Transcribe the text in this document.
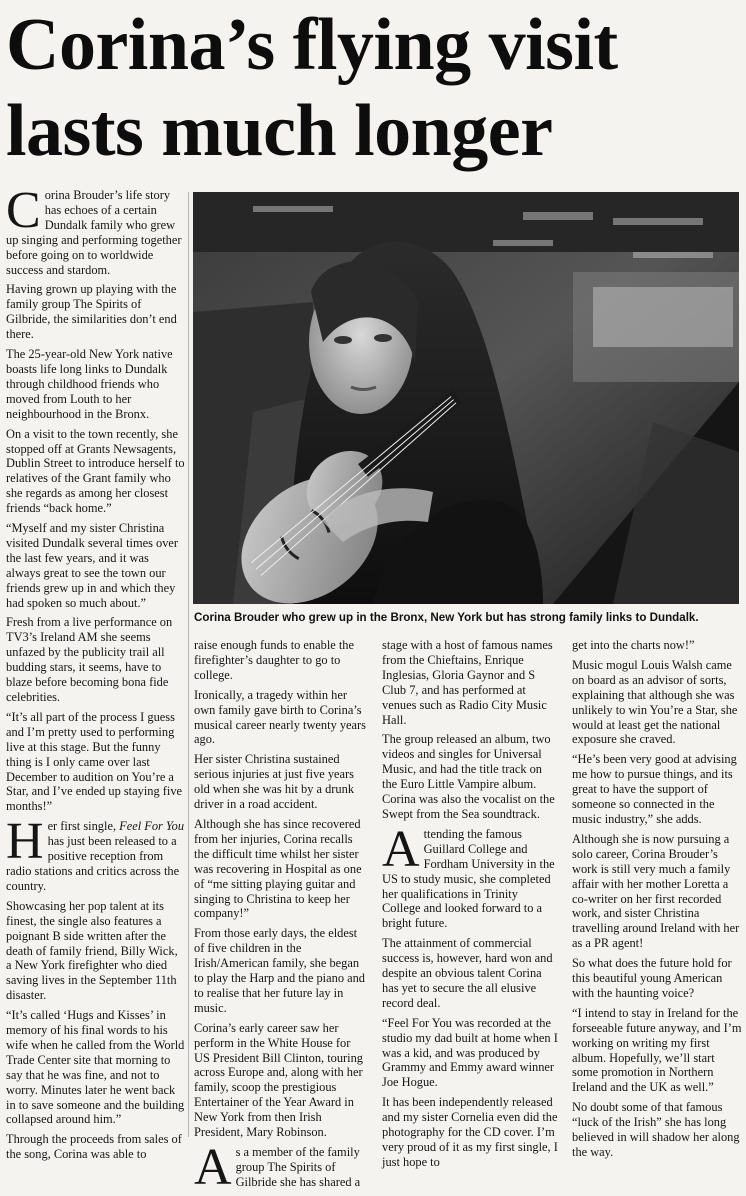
Corina’s flying visit
lasts much longer

Corina Brouder’s life story has echoes of a certain Dundalk family who grew up singing and performing together before going on to worldwide success and stardom.

Having grown up playing with the family group The Spirits of Gilbride, the similarities don’t end there.

The 25-year-old New York native boasts life long links to Dundalk through childhood friends who moved from Louth to her neighbourhood in the Bronx.

On a visit to the town recently, she stopped off at Grants Newsagents, Dublin Street to introduce herself to relatives of the Grant family who she regards as among her closest friends “back home.”

“Myself and my sister Christina visited Dundalk several times over the last few years, and it was always great to see the town our friends grew up in and which they had spoken so much about.”

Fresh from a live performance on TV3’s Ireland AM she seems unfazed by the publicity trail all budding stars, it seems, have to blaze before becoming bona fide celebrities.

“It’s all part of the process I guess and I’m pretty used to performing live at this stage. But the funny thing is I only came over last December to audition on You’re a Star, and I’ve ended up staying five months!”

Her first single, Feel For You has just been released to a positive reception from radio stations and critics across the country.

Showcasing her pop talent at its finest, the single also features a poignant B side written after the death of family friend, Billy Wick, a New York firefighter who died saving lives in the September 11th disaster.

“It’s called ‘Hugs and Kisses’ in memory of his final words to his wife when he called from the World Trade Center site that morning to say that he was fine, and not to worry. Minutes later he went back in to save someone and the building collapsed around him.”

Through the proceeds from sales of the song, Corina was able to

Corina Brouder who grew up in the Bronx, New York but has strong family links to Dundalk.

raise enough funds to enable the firefighter’s daughter to go to college.

Ironically, a tragedy within her own family gave birth to Corina’s musical career nearly twenty years ago.

Her sister Christina sustained serious injuries at just five years old when she was hit by a drunk driver in a road accident.

Although she has since recovered from her injuries, Corina recalls the difficult time whilst her sister was recovering in Hospital as one of “me sitting playing guitar and singing to Christina to keep her company!”

From those early days, the eldest of five children in the Irish/American family, she began to play the Harp and the piano and to realise that her future lay in music.

Corina’s early career saw her perform in the White House for US President Bill Clinton, touring across Europe and, along with her family, scoop the prestigious Entertainer of the Year Award in New York from then Irish President, Mary Robinson.

As a member of the family group The Spirits of Gilbride she has shared a

stage with a host of famous names from the Chieftains, Enrique Inglesias, Gloria Gaynor and S Club 7, and has performed at venues such as Radio City Music Hall.

The group released an album, two videos and singles for Universal Music, and had the title track on the Euro Little Vampire album. Corina was also the vocalist on the Swept from the Sea soundtrack.

Attending the famous Guillard College and Fordham University in the US to study music, she completed her qualifications in Trinity College and looked forward to a bright future.

The attainment of commercial success is, however, hard won and despite an obvious talent Corina has yet to secure the all elusive record deal.

“Feel For You was recorded at the studio my dad built at home when I was a kid, and was produced by Grammy and Emmy award winner Joe Hogue.

It has been independently released and my sister Cornelia even did the photography for the CD cover. I’m very proud of it as my first single, I just hope to

get into the charts now!”

Music mogul Louis Walsh came on board as an advisor of sorts, explaining that although she was unlikely to win You’re a Star, she would at least get the national exposure she craved.

“He’s been very good at advising me how to pursue things, and its great to have the support of someone so connected in the music industry,” she adds.

Although she is now pursuing a solo career, Corina Brouder’s work is still very much a family affair with her mother Loretta a co-writer on her first recorded work, and sister Christina travelling around Ireland with her as a PR agent!

So what does the future hold for this beautiful young American with the haunting voice?

“I intend to stay in Ireland for the forseeable future anyway, and I’m working on writing my first album. Hopefully, we’ll start some promotion in Northern Ireland and the UK as well.”

No doubt some of that famous “luck of the Irish” she has long believed in will shadow her along the way.
